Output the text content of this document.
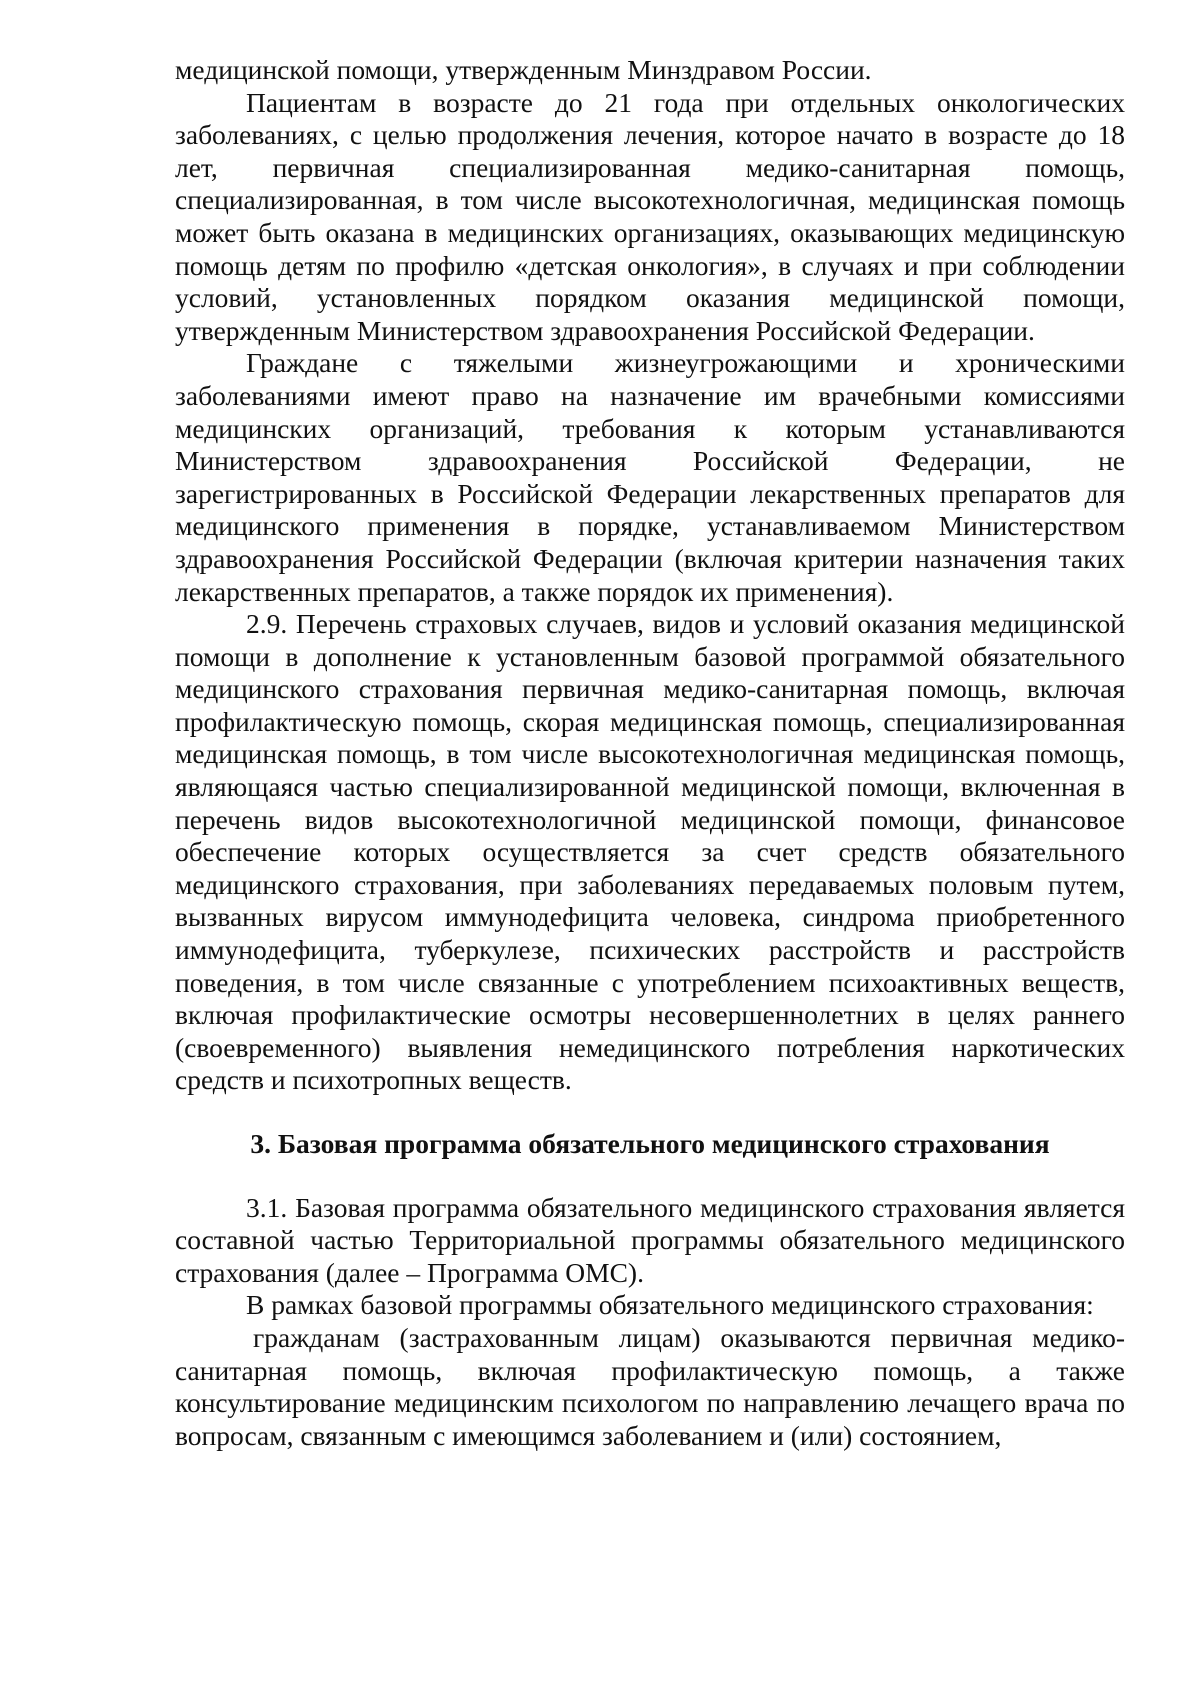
медицинской помощи, утвержденным Минздравом России.

Пациентам в возрасте до 21 года при отдельных онкологических заболеваниях, с целью продолжения лечения, которое начато в возрасте до 18 лет, первичная специализированная медико-санитарная помощь, специализированная, в том числе высокотехнологичная, медицинская помощь может быть оказана в медицинских организациях, оказывающих медицинскую помощь детям по профилю «детская онкология», в случаях и при соблюдении условий, установленных порядком оказания медицинской помощи, утвержденным Министерством здравоохранения Российской Федерации.

Граждане с тяжелыми жизнеугрожающими и хроническими заболеваниями имеют право на назначение им врачебными комиссиями медицинских организаций, требования к которым устанавливаются Министерством здравоохранения Российской Федерации, не зарегистрированных в Российской Федерации лекарственных препаратов для медицинского применения в порядке, устанавливаемом Министерством здравоохранения Российской Федерации (включая критерии назначения таких лекарственных препаратов, а также порядок их применения).

2.9. Перечень страховых случаев, видов и условий оказания медицинской помощи в дополнение к установленным базовой программой обязательного медицинского страхования первичная медико-санитарная помощь, включая профилактическую помощь, скорая медицинская помощь, специализированная медицинская помощь, в том числе высокотехнологичная медицинская помощь, являющаяся частью специализированной медицинской помощи, включенная в перечень видов высокотехнологичной медицинской помощи, финансовое обеспечение которых осуществляется за счет средств обязательного медицинского страхования, при заболеваниях передаваемых половым путем, вызванных вирусом иммунодефицита человека, синдрома приобретенного иммунодефицита, туберкулезе, психических расстройств и расстройств поведения, в том числе связанные с употреблением психоактивных веществ, включая профилактические осмотры несовершеннолетних в целях раннего (своевременного) выявления немедицинского потребления наркотических средств и психотропных веществ.

3. Базовая программа обязательного медицинского страхования

3.1. Базовая программа обязательного медицинского страхования является составной частью Территориальной программы обязательного медицинского страхования (далее – Программа ОМС).

В рамках базовой программы обязательного медицинского страхования:

гражданам (застрахованным лицам) оказываются первичная медико-санитарная помощь, включая профилактическую помощь, а также консультирование медицинским психологом по направлению лечащего врача по вопросам, связанным с имеющимся заболеванием и (или) состоянием,
